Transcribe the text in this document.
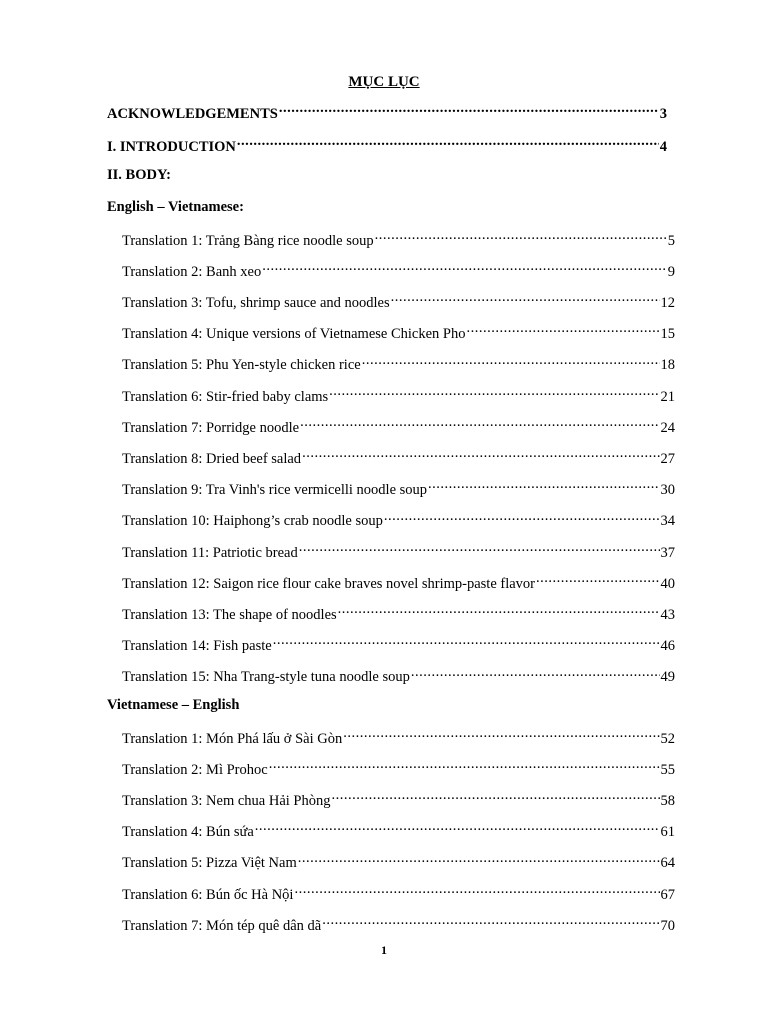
MỤC LỤC
ACKNOWLEDGEMENTS .....	3
I. INTRODUCTION .....	4
II. BODY:
English – Vietnamese:
Translation 1: Trảng Bàng rice noodle soup .....	5
Translation 2: Banh xeo .....	9
Translation 3: Tofu, shrimp sauce and noodles .....	12
Translation 4: Unique versions of Vietnamese Chicken Pho .....	15
Translation 5: Phu Yen-style chicken rice .....	18
Translation 6: Stir-fried baby clams .....	21
Translation 7: Porridge noodle .....	24
Translation 8: Dried beef salad .....	27
Translation 9: Tra Vinh's rice vermicelli noodle soup .....	30
Translation 10: Haiphong’s crab noodle soup .....	34
Translation 11: Patriotic bread .....	37
Translation 12: Saigon rice flour cake braves novel shrimp-paste flavor .....	40
Translation 13: The shape of noodles .....	43
Translation 14: Fish paste .....	46
Translation 15: Nha Trang-style tuna noodle soup .....	49
Vietnamese – English
Translation 1: Món Phá lấu ở Sài Gòn .....	52
Translation 2: Mì Prohoc .....	55
Translation 3: Nem chua Hải Phòng .....	58
Translation 4: Bún sứa .....	61
Translation 5: Pizza Việt Nam .....	64
Translation 6: Bún ốc Hà Nội .....	67
Translation 7: Món tép quê dân dã .....	70
1
